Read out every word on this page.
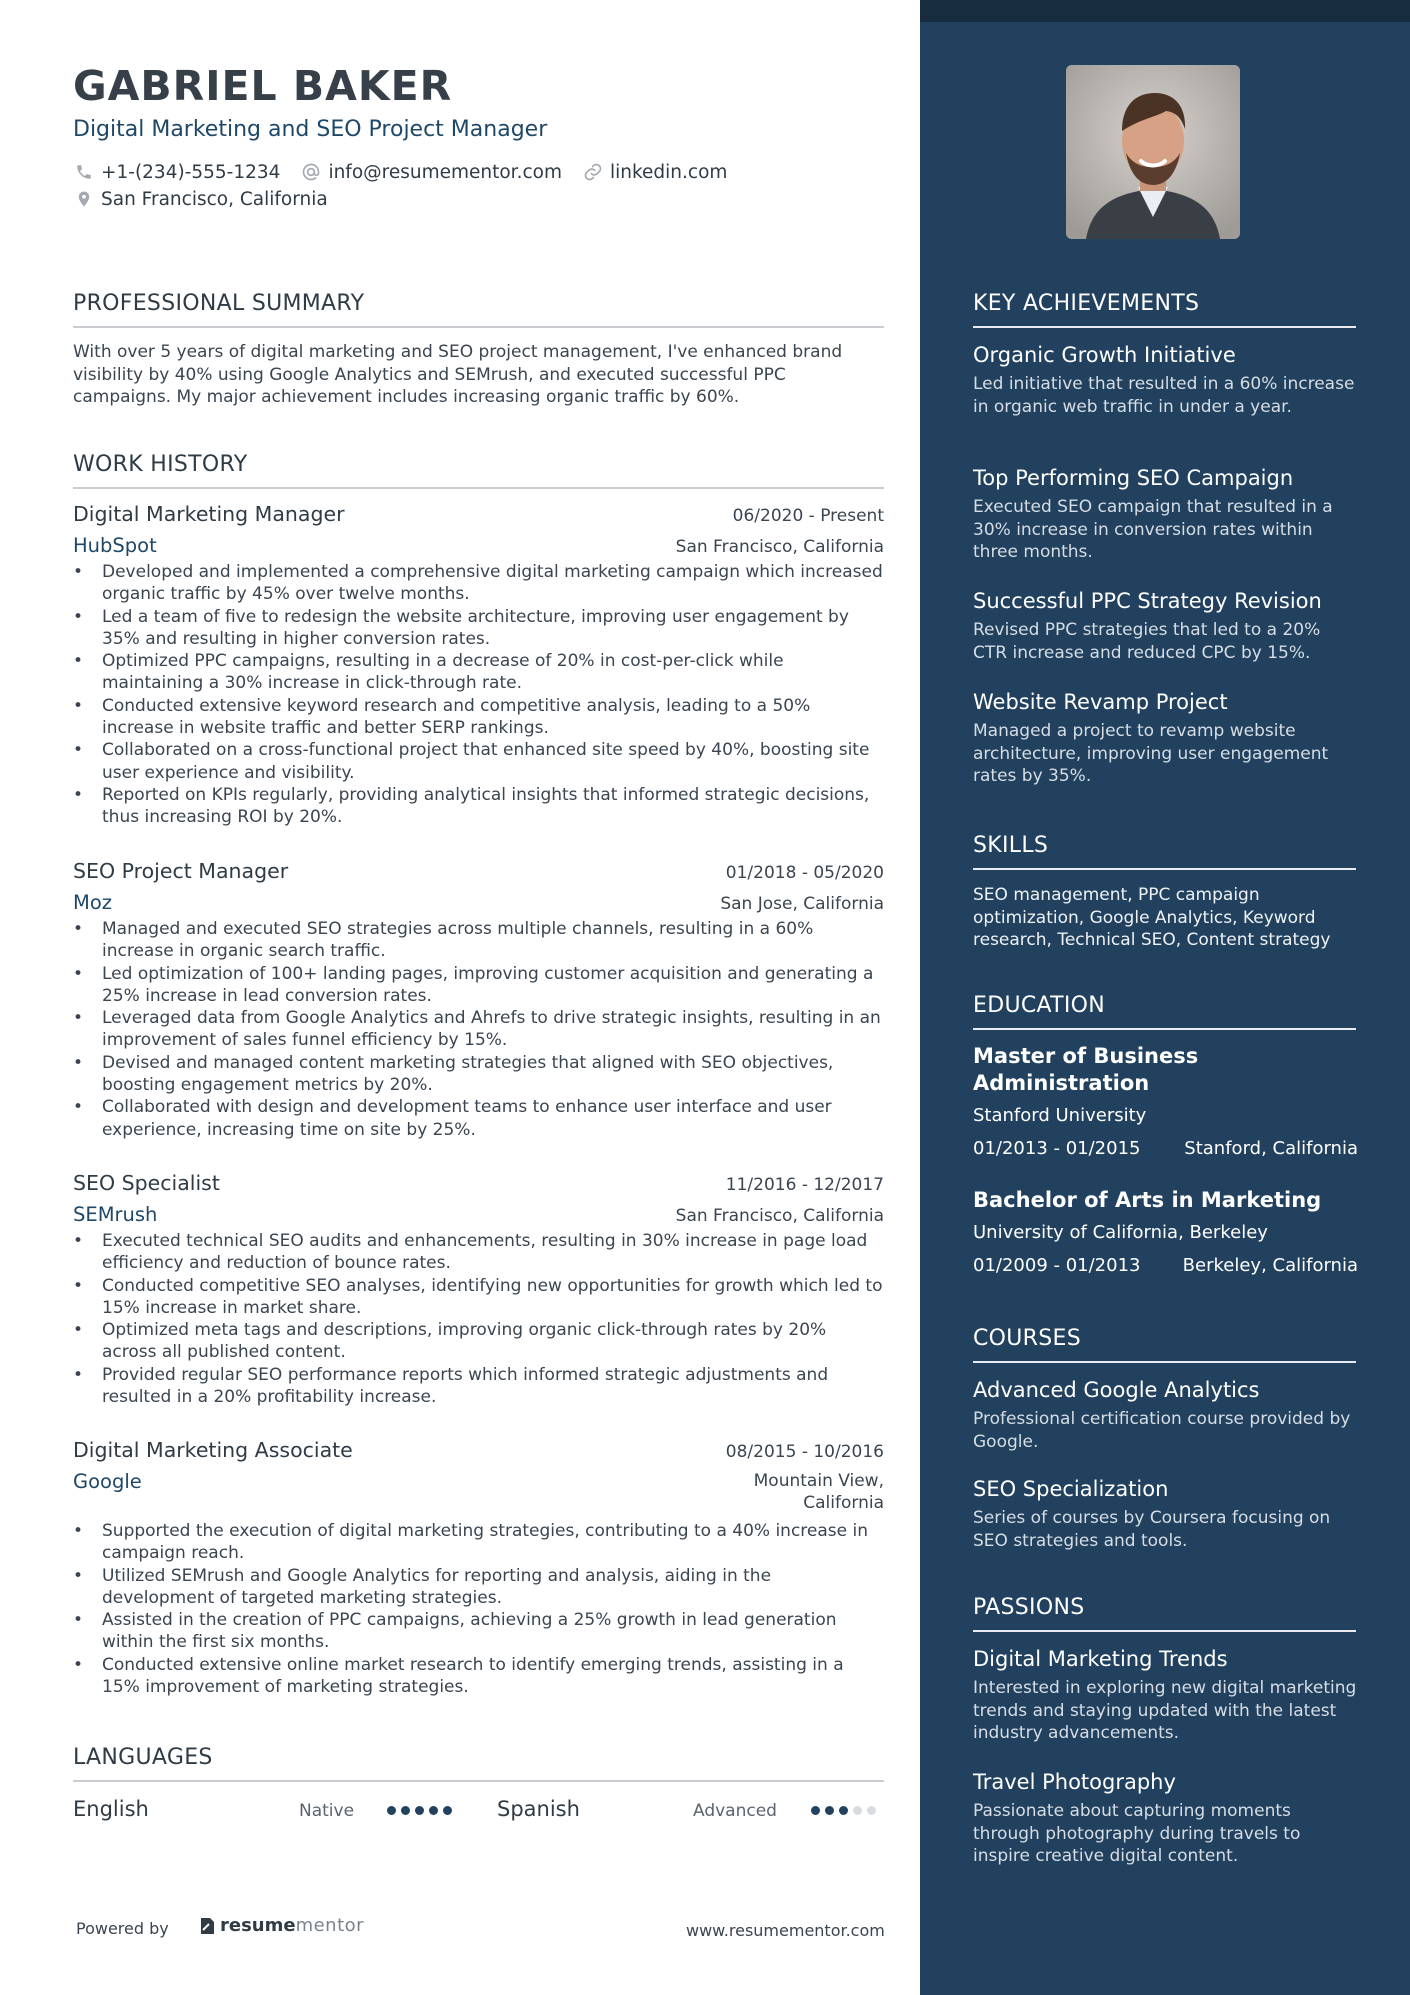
GABRIEL BAKER
Digital Marketing and SEO Project Manager
+1-(234)-555-1234	info@resumementor.com	linkedin.com
San Francisco, California
PROFESSIONAL SUMMARY
With over 5 years of digital marketing and SEO project management, I've enhanced brand visibility by 40% using Google Analytics and SEMrush, and executed successful PPC campaigns. My major achievement includes increasing organic traffic by 60%.
WORK HISTORY
Digital Marketing Manager	06/2020 - Present
HubSpot	San Francisco, California
• Developed and implemented a comprehensive digital marketing campaign which increased organic traffic by 45% over twelve months.
• Led a team of five to redesign the website architecture, improving user engagement by 35% and resulting in higher conversion rates.
• Optimized PPC campaigns, resulting in a decrease of 20% in cost-per-click while maintaining a 30% increase in click-through rate.
• Conducted extensive keyword research and competitive analysis, leading to a 50% increase in website traffic and better SERP rankings.
• Collaborated on a cross-functional project that enhanced site speed by 40%, boosting site user experience and visibility.
• Reported on KPIs regularly, providing analytical insights that informed strategic decisions, thus increasing ROI by 20%.
SEO Project Manager	01/2018 - 05/2020
Moz	San Jose, California
• Managed and executed SEO strategies across multiple channels, resulting in a 60% increase in organic search traffic.
• Led optimization of 100+ landing pages, improving customer acquisition and generating a 25% increase in lead conversion rates.
• Leveraged data from Google Analytics and Ahrefs to drive strategic insights, resulting in an improvement of sales funnel efficiency by 15%.
• Devised and managed content marketing strategies that aligned with SEO objectives, boosting engagement metrics by 20%.
• Collaborated with design and development teams to enhance user interface and user experience, increasing time on site by 25%.
SEO Specialist	11/2016 - 12/2017
SEMrush	San Francisco, California
• Executed technical SEO audits and enhancements, resulting in 30% increase in page load efficiency and reduction of bounce rates.
• Conducted competitive SEO analyses, identifying new opportunities for growth which led to 15% increase in market share.
• Optimized meta tags and descriptions, improving organic click-through rates by 20% across all published content.
• Provided regular SEO performance reports which informed strategic adjustments and resulted in a 20% profitability increase.
Digital Marketing Associate	08/2015 - 10/2016
Google	Mountain View,
California
• Supported the execution of digital marketing strategies, contributing to a 40% increase in campaign reach.
• Utilized SEMrush and Google Analytics for reporting and analysis, aiding in the development of targeted marketing strategies.
• Assisted in the creation of PPC campaigns, achieving a 25% growth in lead generation within the first six months.
• Conducted extensive online market research to identify emerging trends, assisting in a 15% improvement of marketing strategies.
LANGUAGES
English	Native	Spanish	Advanced
Powered by	resume mentor	www.resumementor.com
KEY ACHIEVEMENTS
Organic Growth Initiative
Led initiative that resulted in a 60% increase in organic web traffic in under a year.
Top Performing SEO Campaign
Executed SEO campaign that resulted in a 30% increase in conversion rates within three months.
Successful PPC Strategy Revision
Revised PPC strategies that led to a 20% CTR increase and reduced CPC by 15%.
Website Revamp Project
Managed a project to revamp website architecture, improving user engagement rates by 35%.
SKILLS
SEO management, PPC campaign optimization, Google Analytics, Keyword research, Technical SEO, Content strategy
EDUCATION
Master of Business Administration
Stanford University
01/2013 - 01/2015 Stanford, California
Bachelor of Arts in Marketing
University of California, Berkeley
01/2009 - 01/2013 Berkeley, California
COURSES
Advanced Google Analytics
Professional certification course provided by Google.
SEO Specialization
Series of courses by Coursera focusing on SEO strategies and tools.
PASSIONS
Digital Marketing Trends
Interested in exploring new digital marketing trends and staying updated with the latest industry advancements.
Travel Photography
Passionate about capturing moments through photography during travels to inspire creative digital content.
